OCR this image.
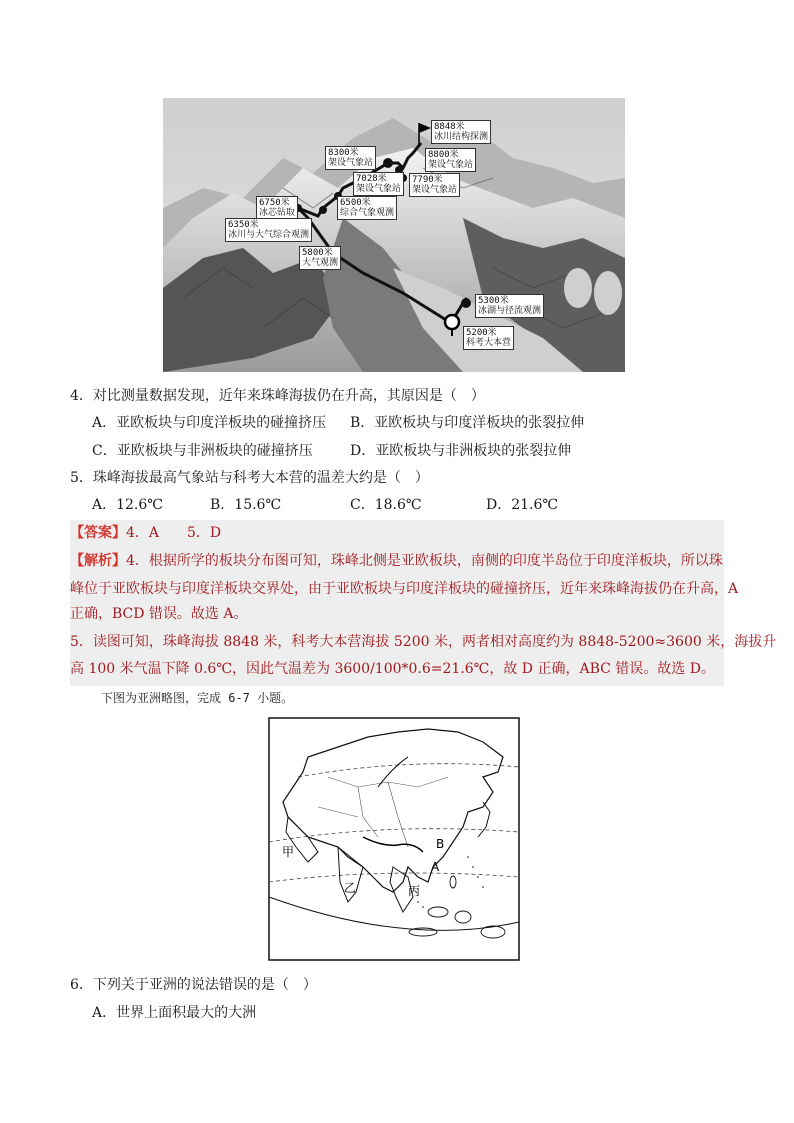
8848米
冰川结构探测
8300米
架设气象站
8800米
架设气象站
7028米
架设气象站
7790米
架设气象站
6750米
冰芯钻取
6500米
综合气象观测
6350米
冰川与大气综合观测
5800米
大气观测
5300米
冰湖与径流观测
5200米
科考大本营
4．对比测量数据发现，近年来珠峰海拔仍在升高，其原因是（　）
A．亚欧板块与印度洋板块的碰撞挤压 B．亚欧板块与印度洋板块的张裂拉伸
C．亚欧板块与非洲板块的碰撞挤压	D．亚欧板块与非洲板块的张裂拉伸
5．珠峰海拔最高气象站与科考大本营的温差大约是（　）
A．12.6℃	B．15.6℃	C．18.6℃	D．21.6℃
【答案】4．A　　5．D
【解析】4．根据所学的板块分布图可知，珠峰北侧是亚欧板块，南侧的印度半岛位于印度洋板块，所以珠
峰位于亚欧板块与印度洋板块交界处，由于亚欧板块与印度洋板块的碰撞挤压，近年来珠峰海拔仍在升高，A
正确，BCD 错误。故选 A。
5．读图可知，珠峰海拔 8848 米，科考大本营海拔 5200 米，两者相对高度约为 8848-5200≈3600 米，海拔升
高 100 米气温下降 0.6℃，因此气温差为 3600/100*0.6=21.6℃，故 D 正确，ABC 错误。故选 D。
下图为亚洲略图，完成 6-7 小题。
甲
乙	丙
A
B
6．下列关于亚洲的说法错误的是（　）
A．世界上面积最大的大洲
